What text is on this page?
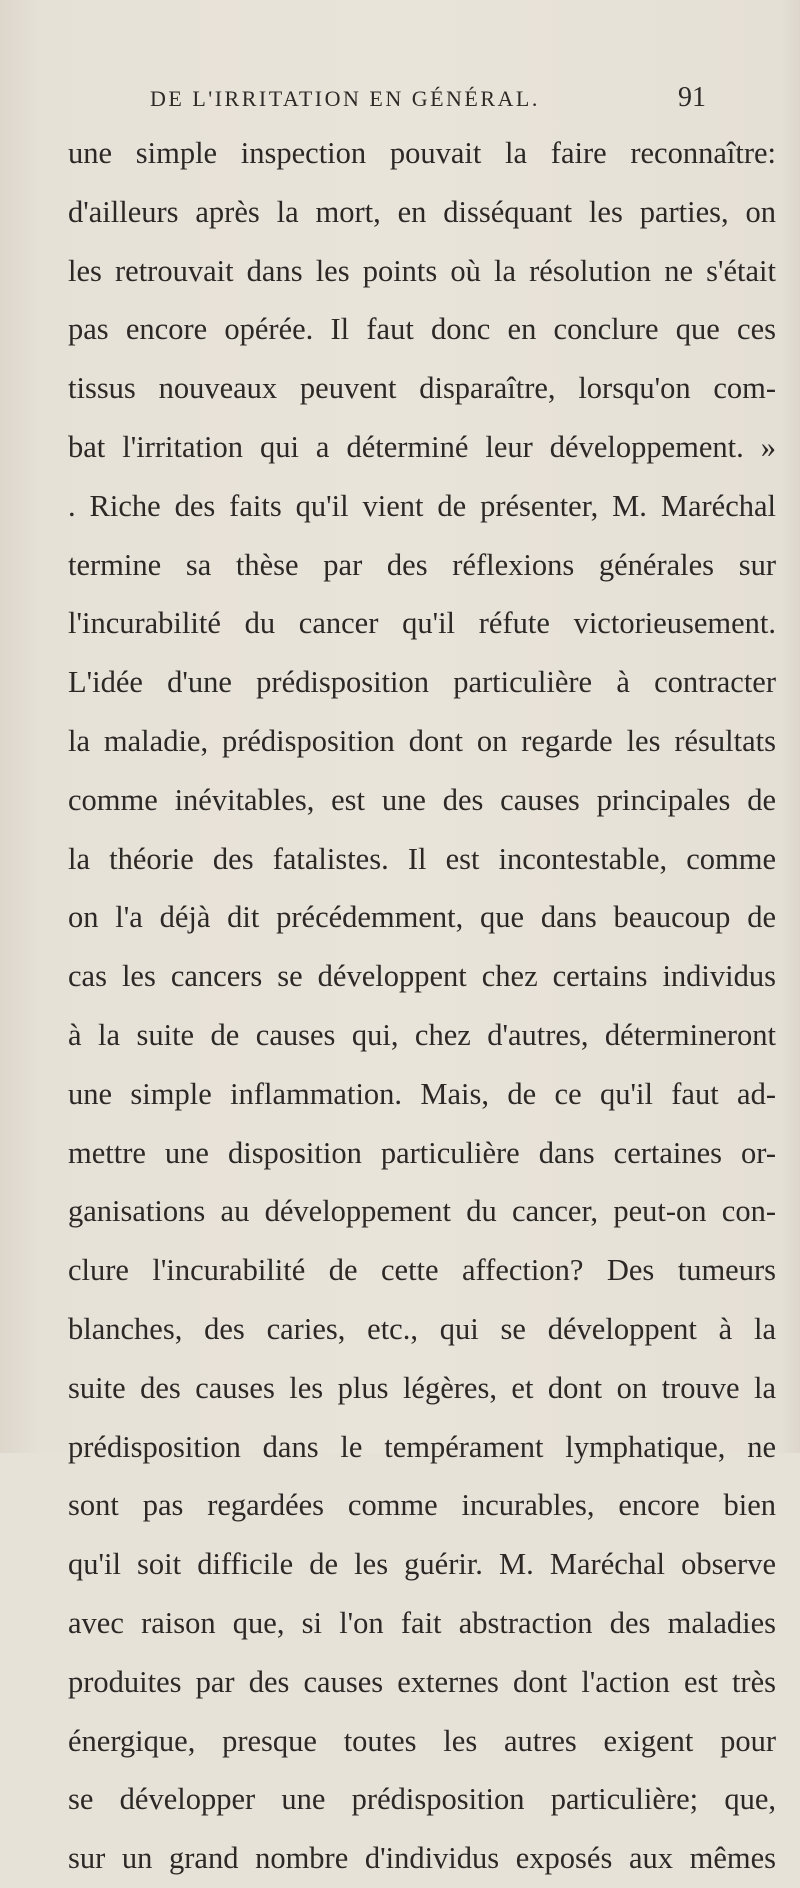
DE L'IRRITATION EN GÉNÉRAL.	91
une simple inspection pouvait la faire reconnaître:
d'ailleurs après la mort, en disséquant les parties, on
les retrouvait dans les points où la résolution ne s'était
pas encore opérée. Il faut donc en conclure que ces
tissus nouveaux peuvent disparaître, lorsqu'on com-
bat l'irritation qui a déterminé leur développement. »
. Riche des faits qu'il vient de présenter, M. Maréchal
termine sa thèse par des réflexions générales sur
l'incurabilité du cancer qu'il réfute victorieusement.
L'idée d'une prédisposition particulière à contracter
la maladie, prédisposition dont on regarde les résultats
comme inévitables, est une des causes principales de
la théorie des fatalistes. Il est incontestable, comme
on l'a déjà dit précédemment, que dans beaucoup de
cas les cancers se développent chez certains individus
à la suite de causes qui, chez d'autres, détermineront
une simple inflammation. Mais, de ce qu'il faut ad-
mettre une disposition particulière dans certaines or-
ganisations au développement du cancer, peut-on con-
clure l'incurabilité de cette affection? Des tumeurs
blanches, des caries, etc., qui se développent à la
suite des causes les plus légères, et dont on trouve la
prédisposition dans le tempérament lymphatique, ne
sont pas regardées comme incurables, encore bien
qu'il soit difficile de les guérir. M. Maréchal observe
avec raison que, si l'on fait abstraction des maladies
produites par des causes externes dont l'action est très
énergique, presque toutes les autres exigent pour
se développer une prédisposition particulière; que,
sur un grand nombre d'individus exposés aux mêmes
